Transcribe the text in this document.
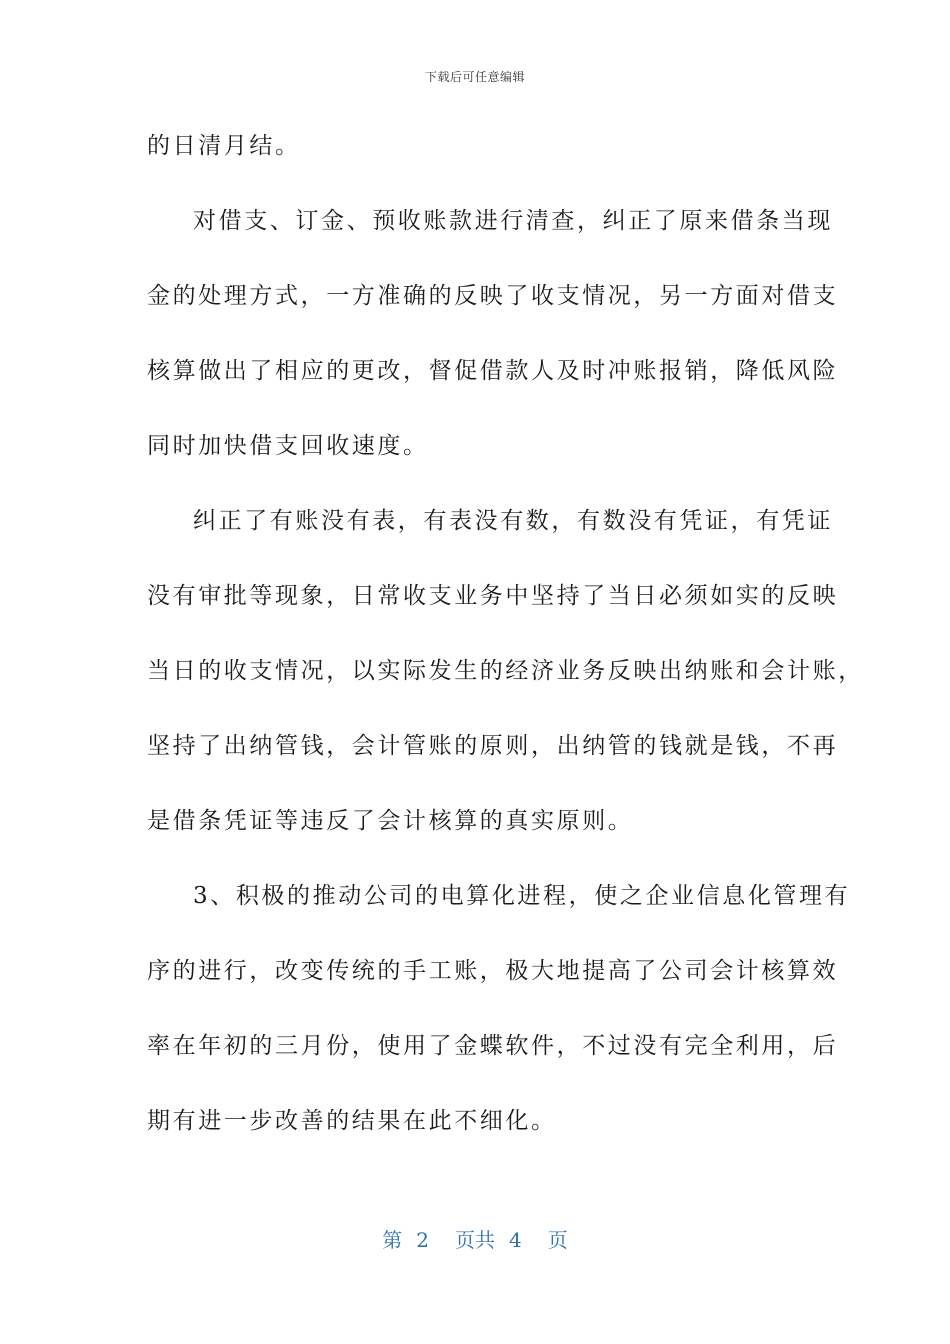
下载后可任意编辑
的日清月结。
对借支、订金、预收账款进行清查，纠正了原来借条当现
金的处理方式，一方准确的反映了收支情况，另一方面对借支
核算做出了相应的更改，督促借款人及时冲账报销，降低风险
同时加快借支回收速度。
纠正了有账没有表，有表没有数，有数没有凭证，有凭证
没有审批等现象，日常收支业务中坚持了当日必须如实的反映
当日的收支情况，以实际发生的经济业务反映出纳账和会计账，
坚持了出纳管钱，会计管账的原则，出纳管的钱就是钱，不再
是借条凭证等违反了会计核算的真实原则。
3、积极的推动公司的电算化进程，使之企业信息化管理有
序的进行，改变传统的手工账，极大地提高了公司会计核算效
率在年初的三月份，使用了金蝶软件，不过没有完全利用，后
期有进一步改善的结果在此不细化。
第 2 页共 4 页
